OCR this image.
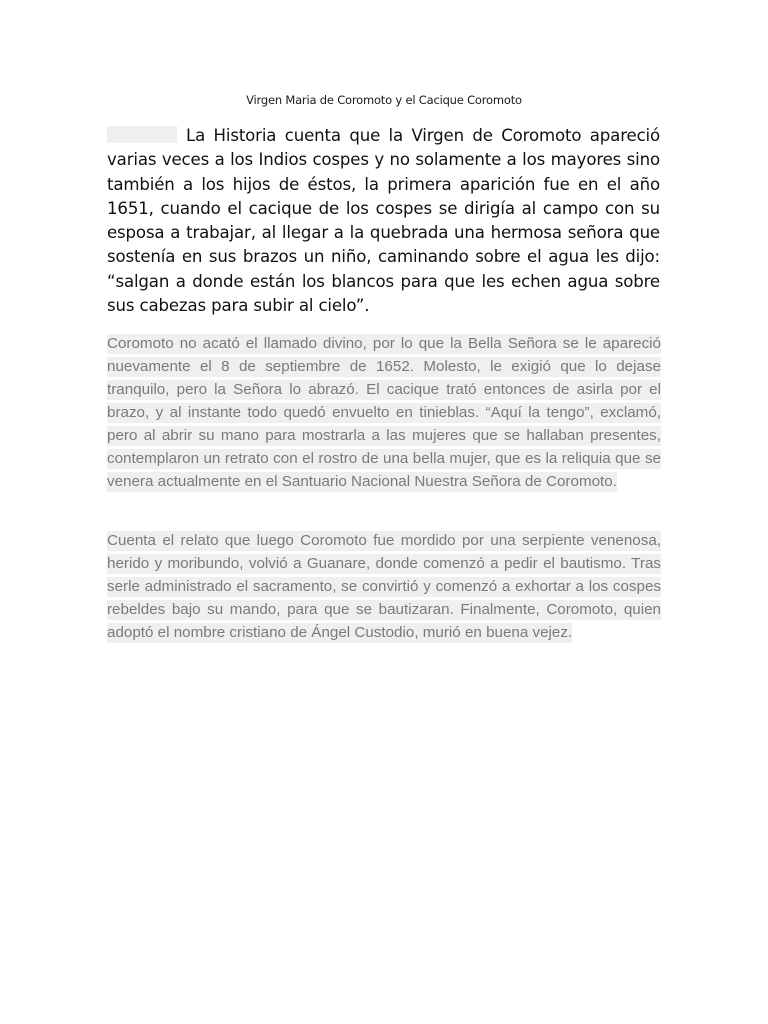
Virgen Maria de Coromoto y el Cacique Coromoto

La Historia cuenta que la Virgen de Coromoto apareció varias veces a los Indios cospes y no solamente a los mayores sino también a los hijos de éstos, la primera aparición fue en el año 1651, cuando el cacique de los cospes se dirigía al campo con su esposa a trabajar, al llegar a la quebrada una hermosa señora que sostenía en sus brazos un niño, caminando sobre el agua les dijo: “salgan a donde están los blancos para que les echen agua sobre sus cabezas para subir al cielo”.

Coromoto no acató el llamado divino, por lo que la Bella Señora se le apareció nuevamente el 8 de septiembre de 1652. Molesto, le exigió que lo dejase tranquilo, pero la Señora lo abrazó. El cacique trató entonces de asirla por el brazo, y al instante todo quedó envuelto en tinieblas. “Aquí la tengo”, exclamó, pero al abrir su mano para mostrarla a las mujeres que se hallaban presentes, contemplaron un retrato con el rostro de una bella mujer, que es la reliquia que se venera actualmente en el Santuario Nacional Nuestra Señora de Coromoto.

Cuenta el relato que luego Coromoto fue mordido por una serpiente venenosa, herido y moribundo, volvió a Guanare, donde comenzó a pedir el bautismo. Tras serle administrado el sacramento, se convirtió y comenzó a exhortar a los cospes rebeldes bajo su mando, para que se bautizaran. Finalmente, Coromoto, quien adoptó el nombre cristiano de Ángel Custodio, murió en buena vejez.
